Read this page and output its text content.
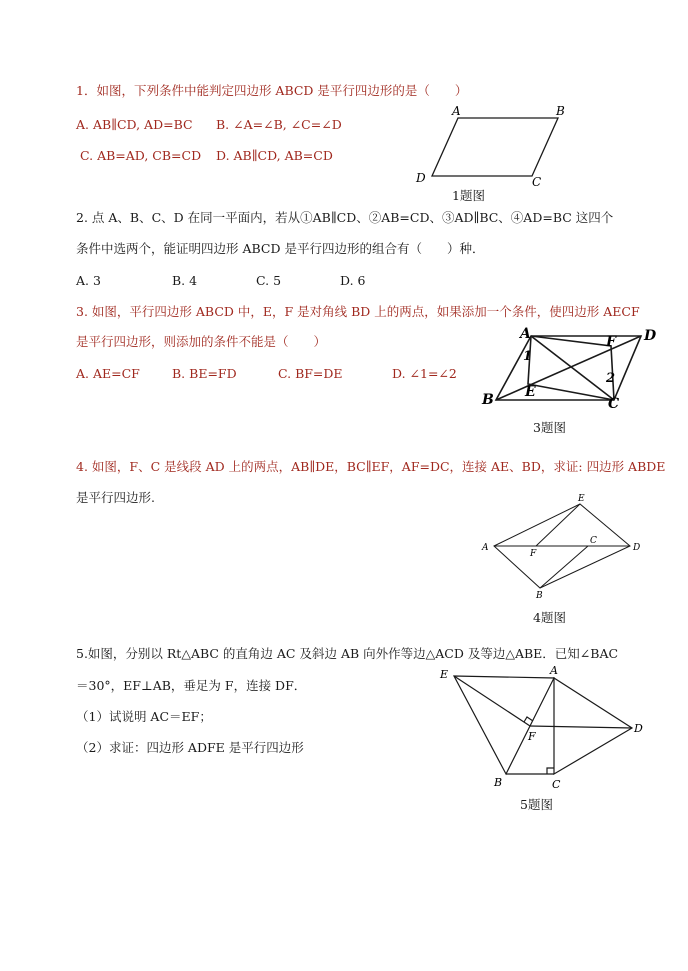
1．如图，下列条件中能判定四边形 ABCD 是平行四边形的是（　　）
A. AB∥CD, AD=BC B. ∠A=∠B, ∠C=∠D
C. AB=AD, CB=CD D. AB∥CD, AB=CD
A	B
C
D
1题图
2. 点 A、B、C、D 在同一平面内，若从①AB∥CD、②AB=CD、③AD∥BC、④AD=BC 这四个
条件中选两个，能证明四边形 ABCD 是平行四边形的组合有（　　）种．
A. 3	B. 4	C. 5	D. 6
3. 如图，平行四边形 ABCD 中，E，F 是对角线 BD 上的两点，如果添加一个条件，使四边形 AECF
是平行四边形，则添加的条件不能是（　　）
A. AE=CF	B. BE=FD	C. BF=DE	D. ∠1=∠2
A
B	C
D
E
F
1
2
3题图
4. 如图，F、C 是线段 AD 上的两点，AB∥DE，BC∥EF，AF=DC，连接 AE、BD，求证: 四边形 ABDE
是平行四边形.
A
B
C
D
E
F
4题图
5.如图，分别以 Rt△ABC 的直角边 AC 及斜边 AB 向外作等边△ACD 及等边△ABE．已知∠BAC
＝30°，EF⊥AB，垂足为 F，连接 DF．
（1）试说明 AC＝EF；
（2）求证：四边形 ADFE 是平行四边形
E	A
D
F
B	C
5题图
